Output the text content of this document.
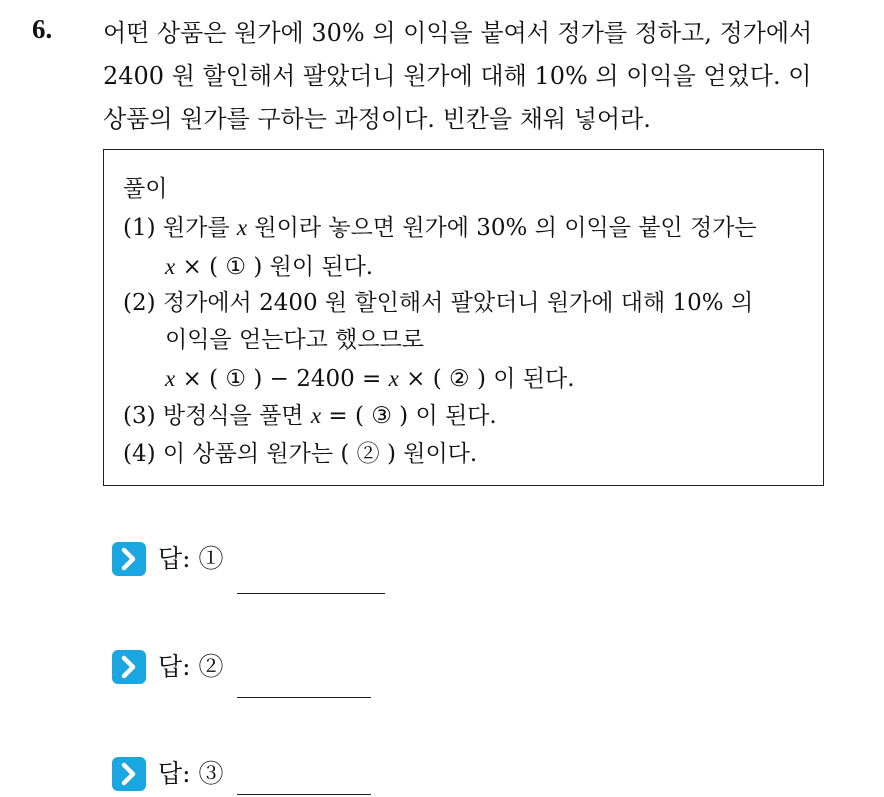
6. 어떤 상품은 원가에 30% 의 이익을 붙여서 정가를 정하고, 정가에서
2400 원 할인해서 팔았더니 원가에 대해 10% 의 이익을 얻었다. 이
상품의 원가를 구하는 과정이다. 빈칸을 채워 넣어라.
풀이
(1) 원가를 x 원이라 놓으면 원가에 30% 의 이익을 붙인 정가는
x × ( ① ) 원이 된다.
(2) 정가에서 2400 원 할인해서 팔았더니 원가에 대해 10% 의
이익을 얻는다고 했으므로
x × ( ① ) − 2400 = x × ( ② ) 이 된다.
(3) 방정식을 풀면 x = ( ③ ) 이 된다.
(4) 이 상품의 원가는 ( ② ) 원이다.
답: ①
답: ②
답: ③
